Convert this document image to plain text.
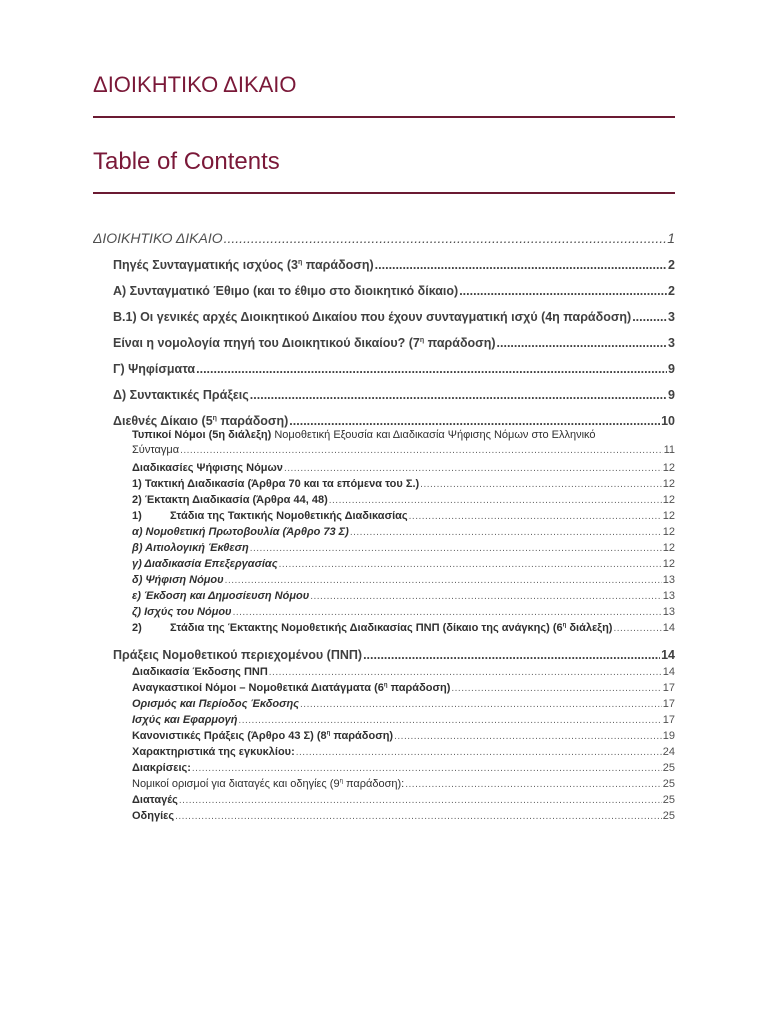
ΔΙΟΙΚΗΤΙΚΟ ΔΙΚΑΙΟ
Table of Contents
ΔΙΟΙΚΗΤΙΚΟ ΔΙΚΑΙΟ .....	1
Πηγές Συνταγματικής ισχύος ($3^\eta$ παράδοση) .....	2
Α) Συνταγματικό Έθιμο (και το έθιμο στο διοικητικό δίκαιο) .....	2
Β.1) Οι γενικές αρχές Διοικητικού Δικαίου που έχουν συνταγματική ισχύ (4η παράδοση) .....	3
Είναι η νομολογία πηγή του Διοικητικού δικαίου? ($7^\eta$ παράδοση) .....	3
Γ) Ψηφίσματα .....	9
Δ) Συντακτικές Πράξεις .....	9
Διεθνές Δίκαιο ($5^\eta$ παράδοση) .....	10
Τυπικοί Νόμοι (5η διάλεξη) Νομοθετική Εξουσία και Διαδικασία Ψήφισης Νόμων στο Ελληνικό
Σύνταγμα .....	11
Διαδικασίες Ψήφισης Νόμων .....	12
1) Τακτική Διαδικασία (Άρθρα 70 και τα επόμενα του Σ.) .....	12
2) Έκτακτη Διαδικασία (Άρθρα 44, 48) .....	12
1)	Στάδια της Τακτικής Νομοθετικής Διαδικασίας .....	12
α) Νομοθετική Πρωτοβουλία (Άρθρο 73 Σ) .....	12
β) Αιτιολογική Έκθεση .....	12
γ) Διαδικασία Επεξεργασίας .....	12
δ) Ψήφιση Νόμου .....	13
ε) Έκδοση και Δημοσίευση Νόμου .....	13
ζ) Ισχύς του Νόμου .....	13
2)	Στάδια της Έκτακτης Νομοθετικής Διαδικασίας ΠΝΠ (δίκαιο της ανάγκης) ($6^\eta$ διάλεξη) .....	14
Πράξεις Νομοθετικού περιεχομένου (ΠΝΠ) .....	14
Διαδικασία Έκδοσης ΠΝΠ .....	14
Αναγκαστικοί Νόμοι – Νομοθετικά Διατάγματα ($6^\eta$ παράδοση) .....	17
Ορισμός και Περίοδος Έκδοσης .....	17
Ισχύς και Εφαρμογή .....	17
Κανονιστικές Πράξεις (Άρθρο 43 Σ) ($8^\eta$ παράδοση) .....	19
Χαρακτηριστικά της εγκυκλίου: .....	24
Διακρίσεις: .....	25
Νομικοί ορισμοί για διαταγές και οδηγίες ($9^\eta$ παράδοση): .....	25
Διαταγές .....	25
Οδηγίες .....	25
